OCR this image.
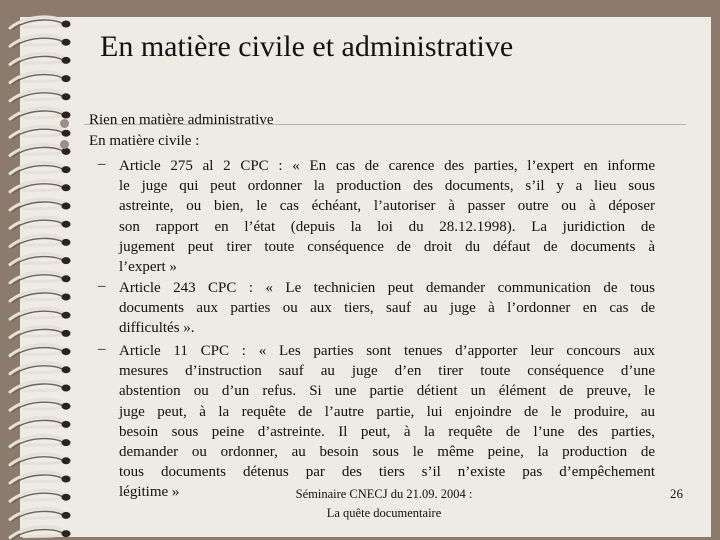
En matière civile et administrative
Rien en matière administrative
En matière civile :
– Article 275 al 2 CPC : « En cas de carence des parties, l’expert en informe
le juge qui peut ordonner la production des documents, s’il y a lieu sous
astreinte, ou bien, le cas échéant, l’autoriser à passer outre ou à déposer
son rapport en l’état (depuis la loi du 28.12.1998). La juridiction de
jugement peut tirer toute conséquence de droit du défaut de documents à
l’expert »
– Article 243 CPC : « Le technicien peut demander communication de tous
documents aux parties ou aux tiers, sauf au juge à l’ordonner en cas de
difficultés ».
– Article 11 CPC : « Les parties sont tenues d’apporter leur concours aux
mesures d’instruction sauf au juge d’en tirer toute conséquence d’une
abstention ou d’un refus. Si une partie détient un élément de preuve, le
juge peut, à la requête de l’autre partie, lui enjoindre de le produire, au
besoin sous peine d’astreinte. Il peut, à la requête de l’une des parties,
demander ou ordonner, au besoin sous le même peine, la production de
tous documents détenus par des tiers s’il n’existe pas d’empêchement
légitime »	Séminaire CNECJ du 21.09. 2004 :
La quête documentaire
26
